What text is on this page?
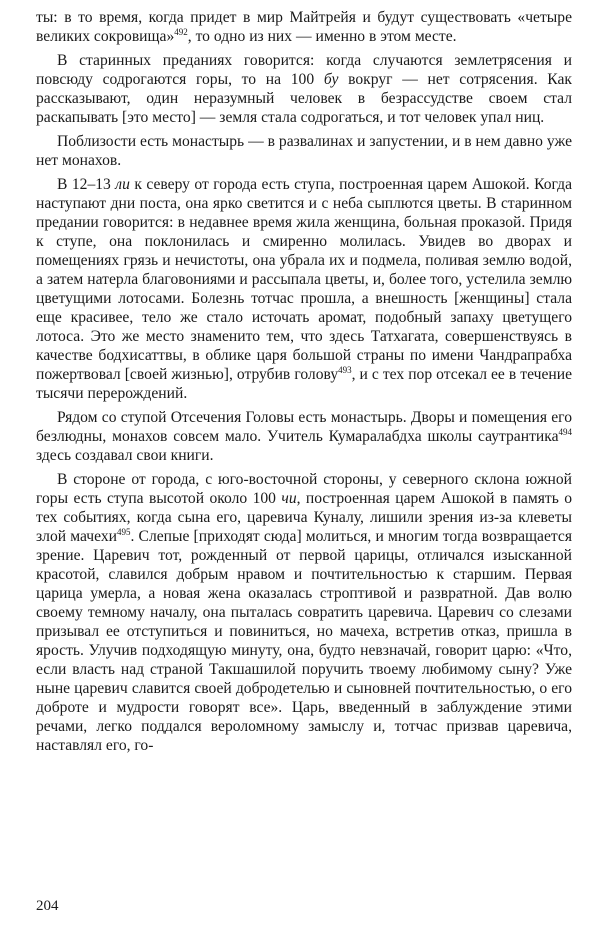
ты: в то время, когда придет в мир Майтрейя и будут существовать «четыре великих сокровища»$^{492}$, то одно из них — именно в этом месте.

В старинных преданиях говорится: когда случаются землетрясения и повсюду содрогаются горы, то на 100 бу вокруг — нет сотрясения. Как рассказывают, один неразумный человек в безрассудстве своем стал раскапывать [это место] — земля стала содрогаться, и тот человек упал ниц.

Поблизости есть монастырь — в развалинах и запустении, и в нем давно уже нет монахов.

В 12–13 ли к северу от города есть ступа, построенная царем Ашокой. Когда наступают дни поста, она ярко светится и с неба сыплются цветы. В старинном предании говорится: в недавнее время жила женщина, больная проказой. Придя к ступе, она поклонилась и смиренно молилась. Увидев во дворах и помещениях грязь и нечистоты, она убрала их и подмела, поливая землю водой, а затем натерла благовониями и рассыпала цветы, и, более того, устелила землю цветущими лотосами. Болезнь тотчас прошла, а внешность [женщины] стала еще красивее, тело же стало источать аромат, подобный запаху цветущего лотоса. Это же место знаменито тем, что здесь Татхагата, совершенствуясь в качестве бодхисаттвы, в облике царя большой страны по имени Чандрапрабха пожертвовал [своей жизнью], отрубив голову$^{493}$, и с тех пор отсекал ее в течение тысячи перерождений.

Рядом со ступой Отсечения Головы есть монастырь. Дворы и помещения его безлюдны, монахов совсем мало. Учитель Кумаралабдха школы саутрантика$^{494}$ здесь создавал свои книги.

В стороне от города, с юго-восточной стороны, у северного склона южной горы есть ступа высотой около 100 чи, построенная царем Ашокой в память о тех событиях, когда сына его, царевича Куналу, лишили зрения из-за клеветы злой мачехи$^{495}$. Слепые [приходят сюда] молиться, и многим тогда возвращается зрение. Царевич тот, рожденный от первой царицы, отличался изысканной красотой, славился добрым нравом и почтительностью к старшим. Первая царица умерла, а новая жена оказалась строптивой и развратной. Дав волю своему темному началу, она пыталась совратить царевича. Царевич со слезами призывал ее отступиться и повиниться, но мачеха, встретив отказ, пришла в ярость. Улучив подходящую минуту, она, будто невзначай, говорит царю: «Что, если власть над страной Такшашилой поручить твоему любимому сыну? Уже ныне царевич славится своей добродетелью и сыновней почтительностью, о его доброте и мудрости говорят все». Царь, введенный в заблуждение этими речами, легко поддался вероломному замыслу и, тотчас призвав царевича, наставлял его, го-

204
